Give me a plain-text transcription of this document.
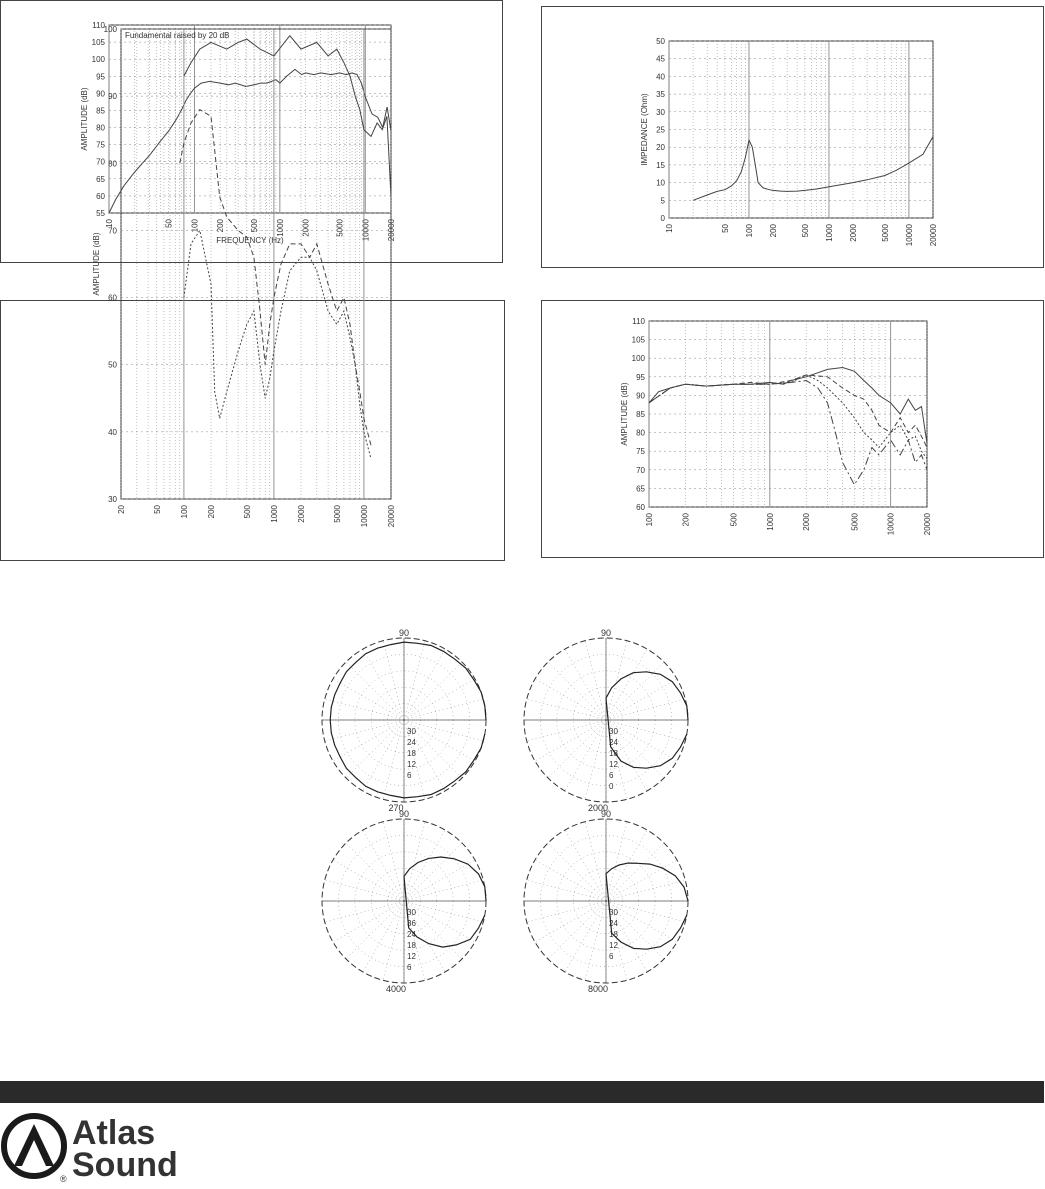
55
60
65
70
75
80
85
90
95
100
105
110
10	50 100 200	500 1000 2000	5000 10000 20000
AMPLITUDE (dB)
FREQUENCY (Hz)
0
5
10
15
20
25
30
35
40
45
50
10	50 100 200	500 1000 2000	5000 10000 20000
IMPEDANCE (Ohm)
30
40
50
60
70
80
90
100
20	50 100 200	500 1000 2000	5000 10000 20000
AMPLITUDE (dB)
Fundamental raised by 20 dB
60
65
70
75
80
85
90
95
100
105
110
100	200	500	1000	2000	5000	10000	20000
AMPLITUDE (dB)
90
270
30
24
18
12
6
90
2000
30
24
18
12
6
0
90
4000
30
36
24
18
12
6
90
8000
30
24
18
12
6
Atlas
Sound
®
